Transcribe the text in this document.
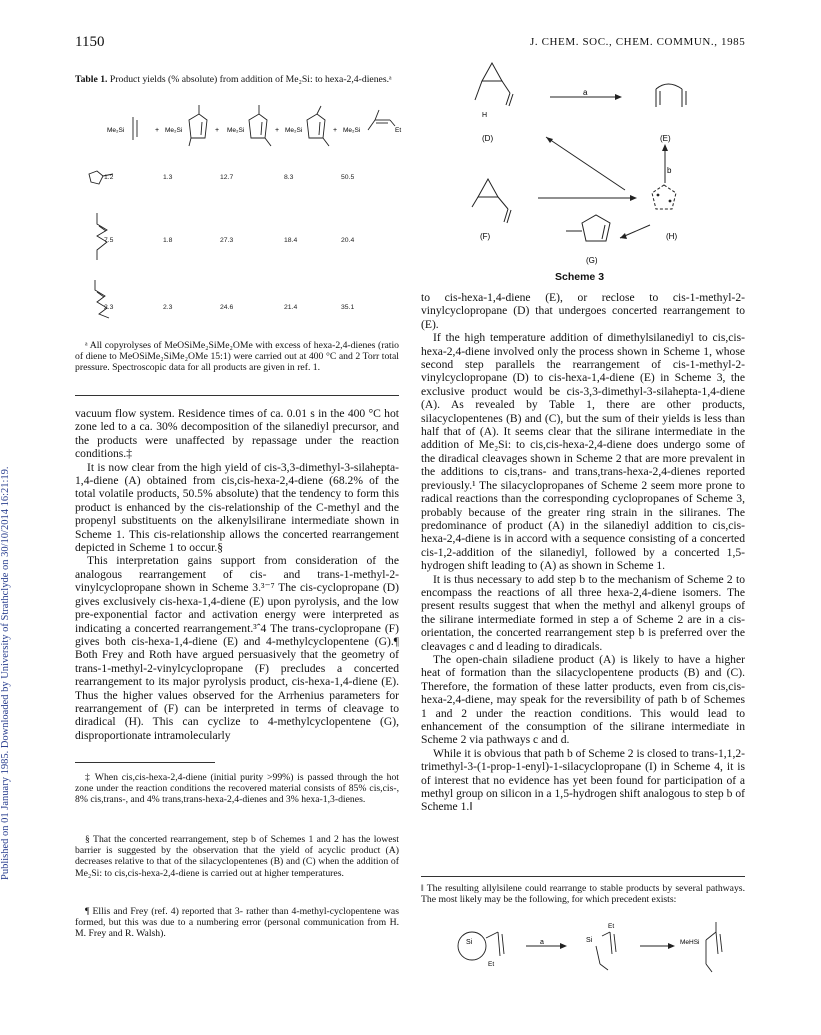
1150	J. CHEM. SOC., CHEM. COMMUN., 1985
Published on 01 January 1985. Downloaded by University of Strathclyde on 30/10/2014 16:21:19.
Table 1. Product yields (% absolute) from addition of Me₂Si: to hexa-2,4-dienes.ᵃ
Me₂Si	+ Me₂Si	+ Me₂Si	+ Me₂Si	+ Me₂Si	Et
1.2	1.3	12.7	8.3	50.5
7.5	1.8	27.3	18.4	20.4
2.3	2.3	24.6	21.4	35.1

ᵃ All copyrolyses of MeOSiMe₂SiMe₂OMe with excess of hexa-2,4-dienes (ratio of diene to MeOSiMe₂SiMe₂OMe 15:1) were carried out at 400 °C and 2 Torr total pressure. Spectroscopic data for all products are given in ref. 1.

vacuum flow system. Residence times of ca. 0.01 s in the 400 °C hot zone led to a ca. 30% decomposition of the silanediyl precursor, and the products were unaffected by repassage under the reaction conditions.‡

It is now clear from the high yield of cis-3,3-dimethyl-3-silahepta-1,4-diene (A) obtained from cis,cis-hexa-2,4-diene (68.2% of the total volatile products, 50.5% absolute) that the tendency to form this product is enhanced by the cis-relationship of the C-methyl and the propenyl substituents on the alkenylsilirane intermediate shown in Scheme 1. This cis-relationship allows the concerted rearrangement depicted in Scheme 1 to occur.§

This interpretation gains support from consideration of the analogous rearrangement of cis- and trans-1-methyl-2-vinylcyclopropane shown in Scheme 3.³⁻⁷ The cis-cyclopropane (D) gives exclusively cis-hexa-1,4-diene (E) upon pyrolysis, and the low pre-exponential factor and activation energy were interpreted as indicating a concerted rearrangement.³ˆ4 The trans-cyclopropane (F) gives both cis-hexa-1,4-diene (E) and 4-methylcyclopentene (G).¶ Both Frey and Roth have argued persuasively that the geometry of trans-1-methyl-2-vinylcyclopropane (F) precludes a concerted rearrangement to its major pyrolysis product, cis-hexa-1,4-diene (E). Thus the higher values observed for the Arrhenius parameters for rearrangement of (F) can be interpreted in terms of cleavage to diradical (H). This can cyclize to 4-methylcyclopentene (G), disproportionate intramolecularly

‡ When cis,cis-hexa-2,4-diene (initial purity >99%) is passed through the hot zone under the reaction conditions the recovered material consists of 85% cis,cis-, 8% cis,trans-, and 4% trans,trans-hexa-2,4-dienes and 3% hexa-1,3-dienes.

§ That the concerted rearrangement, step b of Schemes 1 and 2 has the lowest barrier is suggested by the observation that the yield of acyclic product (A) decreases relative to that of the silacyclopentenes (B) and (C) when the addition of Me₂Si: to cis,cis-hexa-2,4-diene is carried out at higher temperatures.

¶ Ellis and Frey (ref. 4) reported that 3- rather than 4-methyl-cyclopentene was formed, but this was due to a numbering error (personal communication from H. M. Frey and R. Walsh).

H
(D)
a
(E)
b
(F)	(H)
(G)
Scheme 3

to cis-hexa-1,4-diene (E), or reclose to cis-1-methyl-2-vinylcyclopropane (D) that undergoes concerted rearrangement to (E).

If the high temperature addition of dimethylsilanediyl to cis,cis-hexa-2,4-diene involved only the process shown in Scheme 1, whose second step parallels the rearrangement of cis-1-methyl-2-vinylcyclopropane (D) to cis-hexa-1,4-diene (E) in Scheme 3, the exclusive product would be cis-3,3-dimethyl-3-silahepta-1,4-diene (A). As revealed by Table 1, there are other products, silacyclopentenes (B) and (C), but the sum of their yields is less than half that of (A). It seems clear that the silirane intermediate in the addition of Me₂Si: to cis,cis-hexa-2,4-diene does undergo some of the diradical cleavages shown in Scheme 2 that are more prevalent in the additions to cis,trans- and trans,trans-hexa-2,4-dienes reported previously.¹ The silacyclopropanes of Scheme 2 seem more prone to radical reactions than the corresponding cyclopropanes of Scheme 3, probably because of the greater ring strain in the siliranes. The predominance of product (A) in the silanediyl addition to cis,cis-hexa-2,4-diene is in accord with a sequence consisting of a concerted cis-1,2-addition of the silanediyl, followed by a concerted 1,5-hydrogen shift leading to (A) as shown in Scheme 1.

It is thus necessary to add step b to the mechanism of Scheme 2 to encompass the reactions of all three hexa-2,4-diene isomers. The present results suggest that when the methyl and alkenyl groups of the silirane intermediate formed in step a of Scheme 2 are in a cis-orientation, the concerted rearrangement step b is preferred over the cleavages c and d leading to diradicals.

The open-chain siladiene product (A) is likely to have a higher heat of formation than the silacyclopentene products (B) and (C). Therefore, the formation of these latter products, even from cis,cis-hexa-2,4-diene, may speak for the reversibility of path b of Schemes 1 and 2 under the reaction conditions. This would lead to enhancement of the consumption of the silirane intermediate in Scheme 2 via pathways c and d.

While it is obvious that path b of Scheme 2 is closed to trans-1,1,2-trimethyl-3-(1-prop-1-enyl)-1-silacyclopropane (I) in Scheme 4, it is of interest that no evidence has yet been found for participation of a methyl group on silicon in a 1,5-hydrogen shift analogous to step b of Scheme 1.‖

‖ The resulting allylsilene could rearrange to stable products by several pathways. The most likely may be the following, for which precedent exists:

Si
Et
a	Si
Et
MeHSi
